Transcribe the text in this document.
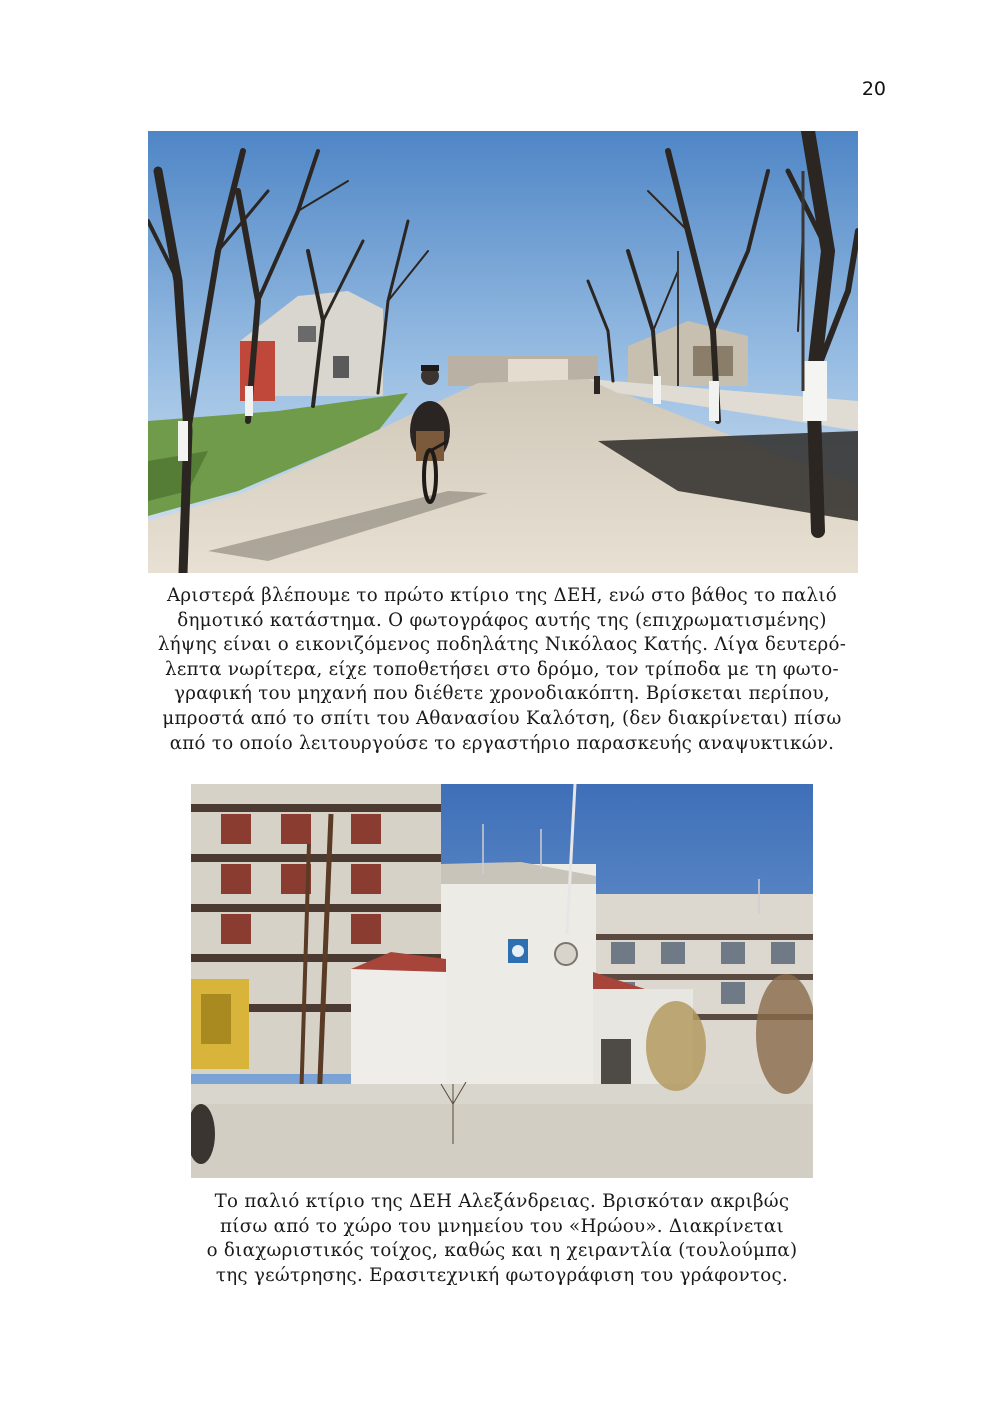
20
Αριστερά βλέπουμε το πρώτο κτίριο της ΔΕΗ, ενώ στο βάθος το παλιό
δημοτικό κατάστημα. Ο φωτογράφος αυτής της (επιχρωματισμένης)
λήψης είναι ο εικονιζόμενος ποδηλάτης Νικόλαος Κατής. Λίγα δευτερό-
λεπτα νωρίτερα, είχε τοποθετήσει στο δρόμο, τον τρίποδα με τη φωτο-
γραφική του μηχανή που διέθετε χρονοδιακόπτη. Βρίσκεται περίπου,
μπροστά από το σπίτι του Αθανασίου Καλότση, (δεν διακρίνεται) πίσω
από το οποίο λειτουργούσε το εργαστήριο παρασκευής αναψυκτικών.
Το παλιό κτίριο της ΔΕΗ Αλεξάνδρειας. Βρισκόταν ακριβώς
πίσω από το χώρο του μνημείου του «Ηρώου». Διακρίνεται
ο διαχωριστικός τοίχος, καθώς και η χειραντλία (τουλούμπα)
της γεώτρησης. Ερασιτεχνική φωτογράφιση του γράφοντος.
